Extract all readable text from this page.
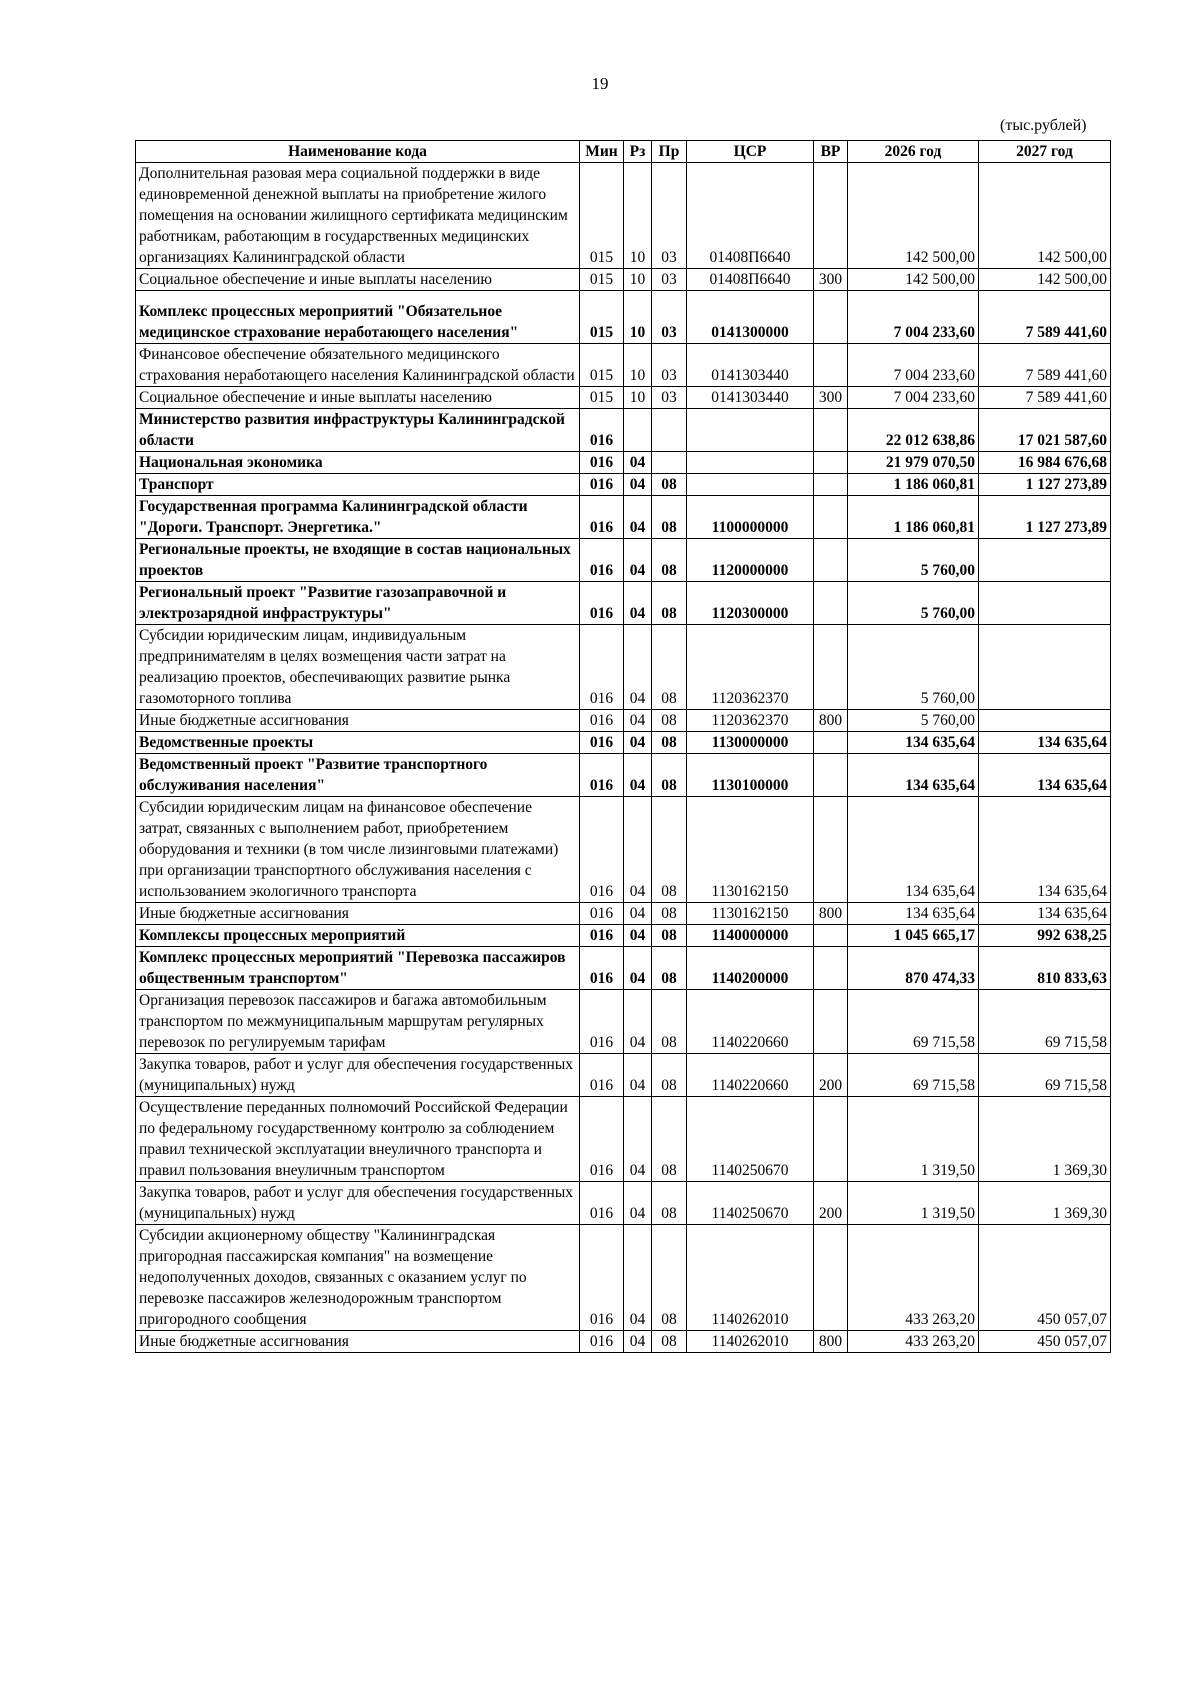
19
(тыс.рублей)
Наименование кода	Мин	Рз	Пр	ЦСР	ВР	2026 год	2027 год
Дополнительная разовая мера социальной поддержки в виде единовременной денежной выплаты на приобретение жилого помещения на основании жилищного сертификата медицинским работникам, работающим в государственных медицинских организациях Калининградской области	015	10	03	01408П6640		142 500,00	142 500,00
Социальное обеспечение и иные выплаты населению	015	10	03	01408П6640	300	142 500,00	142 500,00
Комплекс процессных мероприятий "Обязательное медицинское страхование неработающего населения"	015	10	03	0141300000		7 004 233,60	7 589 441,60
Финансовое обеспечение обязательного медицинского страхования неработающего населения Калининградской области	015	10	03	0141303440		7 004 233,60	7 589 441,60
Социальное обеспечение и иные выплаты населению	015	10	03	0141303440	300	7 004 233,60	7 589 441,60
Министерство развития инфраструктуры Калининградской области	016					22 012 638,86	17 021 587,60
Национальная экономика	016	04				21 979 070,50	16 984 676,68
Транспорт	016	04	08			1 186 060,81	1 127 273,89
Государственная программа Калининградской области "Дороги. Транспорт. Энергетика."	016	04	08	1100000000		1 186 060,81	1 127 273,89
Региональные проекты, не входящие в состав национальных проектов	016	04	08	1120000000		5 760,00	
Региональный проект "Развитие газозаправочной и электрозарядной инфраструктуры"	016	04	08	1120300000		5 760,00	
Субсидии юридическим лицам, индивидуальным предпринимателям в целях возмещения части затрат на реализацию проектов, обеспечивающих развитие рынка газомоторного топлива	016	04	08	1120362370		5 760,00	
Иные бюджетные ассигнования	016	04	08	1120362370	800	5 760,00	
Ведомственные проекты	016	04	08	1130000000		134 635,64	134 635,64
Ведомственный проект "Развитие транспортного обслуживания населения"	016	04	08	1130100000		134 635,64	134 635,64
Субсидии юридическим лицам на финансовое обеспечение затрат, связанных с выполнением работ, приобретением оборудования и техники (в том числе лизинговыми платежами) при организации транспортного обслуживания населения с использованием экологичного транспорта	016	04	08	1130162150		134 635,64	134 635,64
Иные бюджетные ассигнования	016	04	08	1130162150	800	134 635,64	134 635,64
Комплексы процессных мероприятий	016	04	08	1140000000		1 045 665,17	992 638,25
Комплекс процессных мероприятий "Перевозка пассажиров общественным транспортом"	016	04	08	1140200000		870 474,33	810 833,63
Организация перевозок пассажиров и багажа автомобильным транспортом по межмуниципальным маршрутам регулярных перевозок по регулируемым тарифам	016	04	08	1140220660		69 715,58	69 715,58
Закупка товаров, работ и услуг для обеспечения государственных (муниципальных) нужд	016	04	08	1140220660	200	69 715,58	69 715,58
Осуществление переданных полномочий Российской Федерации по федеральному государственному контролю за соблюдением правил технической эксплуатации внеуличного транспорта и правил пользования внеуличным транспортом	016	04	08	1140250670		1 319,50	1 369,30
Закупка товаров, работ и услуг для обеспечения государственных (муниципальных) нужд	016	04	08	1140250670	200	1 319,50	1 369,30
Субсидии акционерному обществу "Калининградская пригородная пассажирская компания" на возмещение недополученных доходов, связанных с оказанием услуг по перевозке пассажиров железнодорожным транспортом пригородного сообщения	016	04	08	1140262010		433 263,20	450 057,07
Иные бюджетные ассигнования	016	04	08	1140262010	800	433 263,20	450 057,07
